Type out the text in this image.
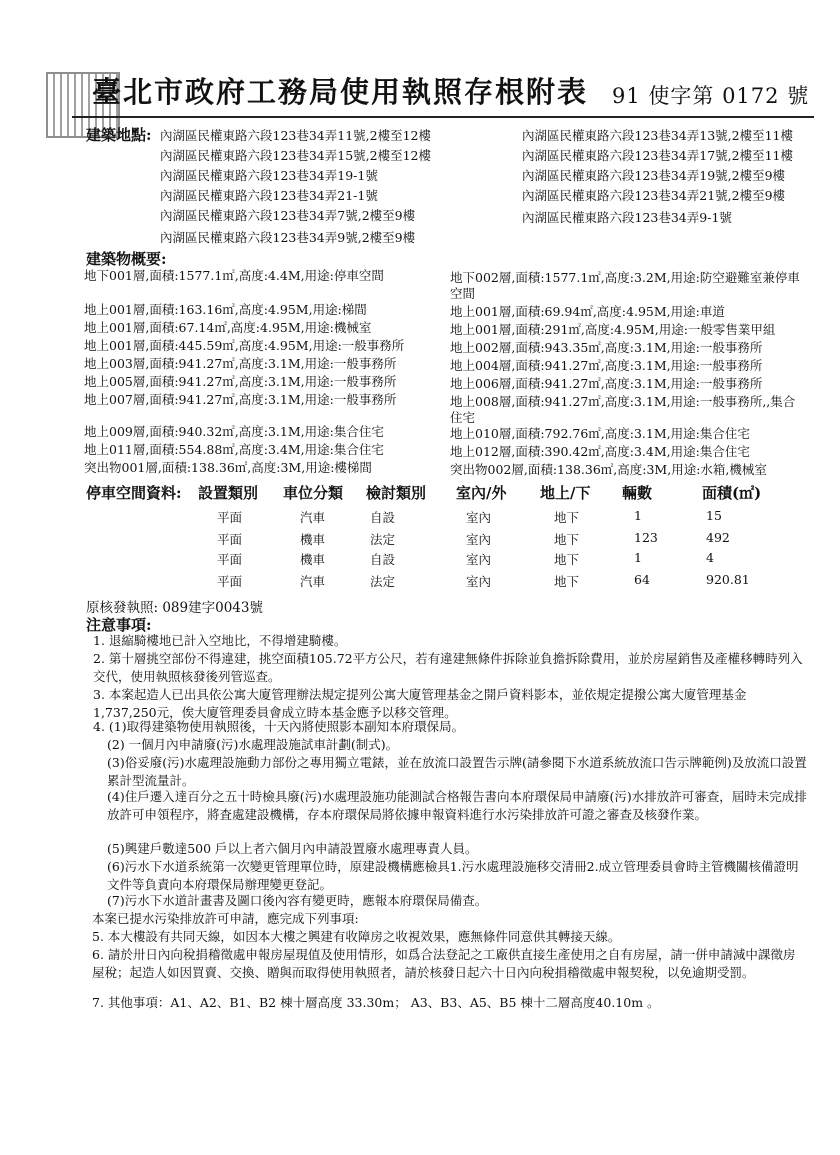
臺北市政府工務局使用執照存根附表 91 使字第 0172 號
建築地點: 內湖區民權東路六段123巷34弄11號,2樓至12樓
內湖區民權東路六段123巷34弄15號,2樓至12樓
內湖區民權東路六段123巷34弄19-1號
內湖區民權東路六段123巷34弄21-1號
內湖區民權東路六段123巷34弄7號,2樓至9樓
內湖區民權東路六段123巷34弄9號,2樓至9樓
內湖區民權東路六段123巷34弄13號,2樓至11樓
內湖區民權東路六段123巷34弄17號,2樓至11樓
內湖區民權東路六段123巷34弄19號,2樓至9樓
內湖區民權東路六段123巷34弄21號,2樓至9樓
內湖區民權東路六段123巷34弄9-1號
建築物概要:
地下001層,面積:1577.1㎡,高度:4.4M,用途:停車空間
地上001層,面積:163.16㎡,高度:4.95M,用途:梯間
地上001層,面積:67.14㎡,高度:4.95M,用途:機械室
地上001層,面積:445.59㎡,高度:4.95M,用途:一般事務所
地上003層,面積:941.27㎡,高度:3.1M,用途:一般事務所
地上005層,面積:941.27㎡,高度:3.1M,用途:一般事務所
地上007層,面積:941.27㎡,高度:3.1M,用途:一般事務所
地上009層,面積:940.32㎡,高度:3.1M,用途:集合住宅
地上011層,面積:554.88㎡,高度:3.4M,用途:集合住宅
突出物001層,面積:138.36㎡,高度:3M,用途:樓梯間
地下002層,面積:1577.1㎡,高度:3.2M,用途:防空避難室兼停車
空間
地上001層,面積:69.94㎡,高度:4.95M,用途:車道
地上001層,面積:291㎡,高度:4.95M,用途:一般零售業甲組
地上002層,面積:943.35㎡,高度:3.1M,用途:一般事務所
地上004層,面積:941.27㎡,高度:3.1M,用途:一般事務所
地上006層,面積:941.27㎡,高度:3.1M,用途:一般事務所
地上008層,面積:941.27㎡,高度:3.1M,用途:一般事務所,,集合
住宅
地上010層,面積:792.76㎡,高度:3.1M,用途:集合住宅
地上012層,面積:390.42㎡,高度:3.4M,用途:集合住宅
突出物002層,面積:138.36㎡,高度:3M,用途:水箱,機械室
停車空間資料: 設置類別 車位分類 檢討類別 室內/外 地上/下 輛數	面積(㎡)
平面	汽車	自設	室內	地下	1	15
平面	機車	法定	室內	地下	123	492
平面	機車	自設	室內	地下	1	4
平面	汽車	法定	室內	地下	64	920.81
原核發執照: 089建字0043號
注意事項:
1. 退縮騎樓地已計入空地比，不得增建騎樓。
2. 第十層挑空部份不得違建，挑空面積105.72平方公尺，若有違建無條件拆除並負擔拆除費用，並於房屋銷售及產權移轉時列入交代，使用執照核發後列管巡查。
3. 本案起造人已出具依公寓大廈管理辦法規定提列公寓大廈管理基金之開戶資料影本，並依規定提撥公寓大廈管理基金1,737,250元，俟大廈管理委員會成立時本基金應予以移交管理。
4. (1)取得建築物使用執照後，十天內將使照影本副知本府環保局。
(2) 一個月內申請廢(污)水處理設施試車計劃(制式)。
(3)俗妥廢(污)水處理設施動力部份之專用獨立電錶，並在放流口設置告示牌(請參閱下水道系統放流口告示牌範例)及放流口設置累計型流量計。
(4)住戶遷入達百分之五十時檢具廢(污)水處理設施功能測試合格報告書向本府環保局申請廢(污)水排放許可審查，屆時未完成排放許可申領程序，將査處建設機構，存本府環保局將依據申報資料進行水污染排放許可證之審查及核發作業。
(5)興建戶數達500 戶以上者六個月內申請設置廢水處理專責人員。
(6)污水下水道系統第一次變更管理單位時，原建設機構應檢具1.污水處理設施移交清冊2.成立管理委員會時主管機關核備證明文件等負責向本府環保局辦理變更登記。
(7)污水下水道計畫書及圖口後內容有變更時，應報本府環保局備查。
本案已提水污染排放許可申請，應完成下列事項:
5. 本大樓設有共同天線，如因本大樓之興建有收障房之收視效果，應無條件同意供其轉接天線。
6. 請於卅日內向稅捐稽徵處申報房屋現值及使用情形，如爲合法登記之工廠供直接生產使用之自有房屋，請一併申請減中課徵房屋稅；起造人如因買賣、交換、贈與而取得使用執照者，請於核發日起六十日內向稅捐稽徵處申報契稅，以免逾期受罰。
7. 其他事項：A1、A2、B1、B2 棟十層高度 33.30m； A3、B3、A5、B5 棟十二層高度40.10m 。
